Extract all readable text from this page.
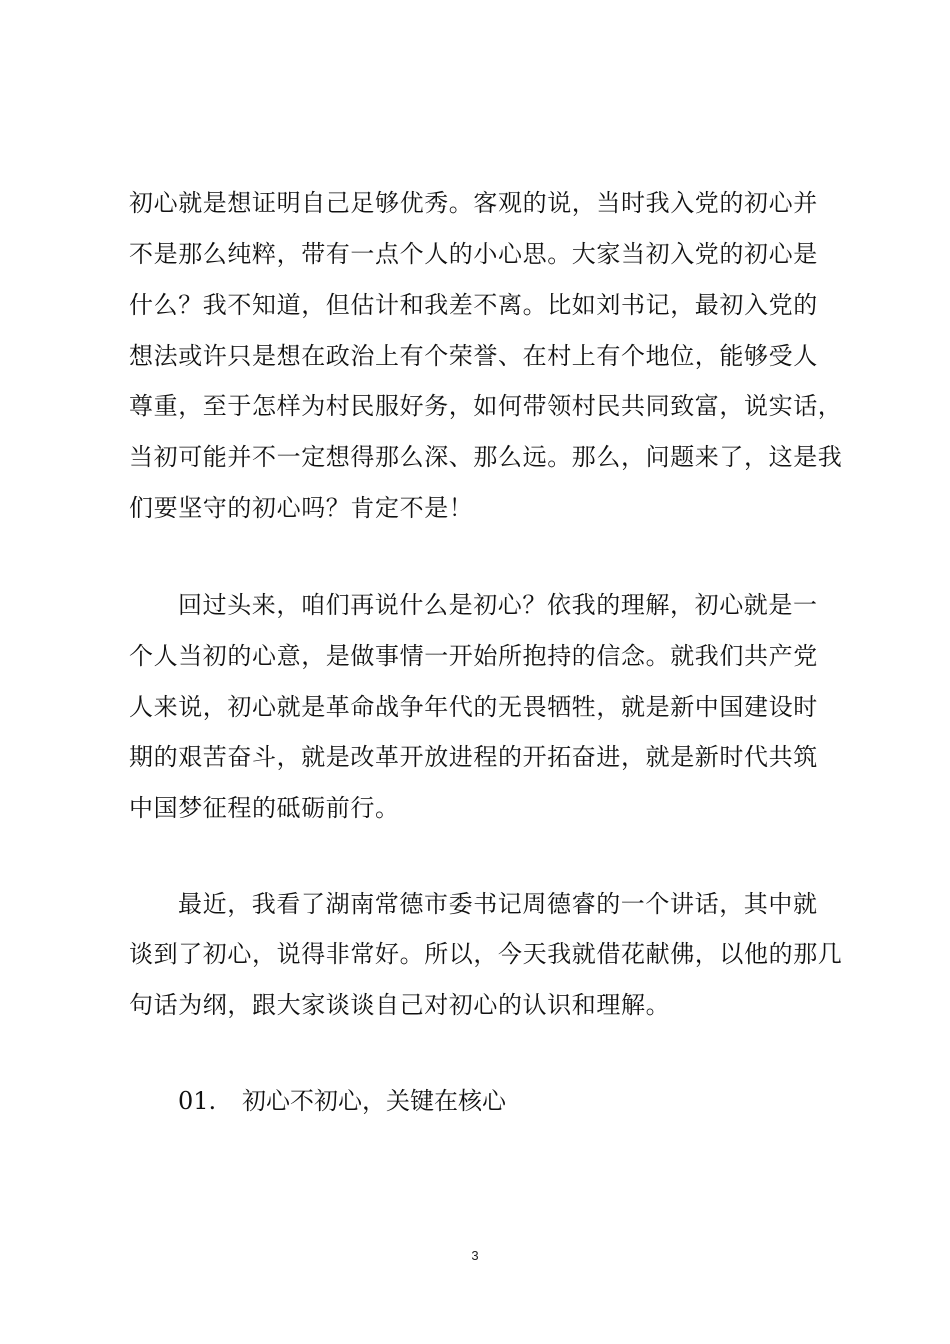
初心就是想证明自己足够优秀。客观的说，当时我入党的初心并
不是那么纯粹，带有一点个人的小心思。大家当初入党的初心是
什么？我不知道，但估计和我差不离。比如刘书记，最初入党的
想法或许只是想在政治上有个荣誉、在村上有个地位，能够受人
尊重，至于怎样为村民服好务，如何带领村民共同致富，说实话，
当初可能并不一定想得那么深、那么远。那么，问题来了，这是我
们要坚守的初心吗？肯定不是！
回过头来，咱们再说什么是初心？依我的理解，初心就是一
个人当初的心意，是做事情一开始所抱持的信念。就我们共产党
人来说，初心就是革命战争年代的无畏牺牲，就是新中国建设时
期的艰苦奋斗，就是改革开放进程的开拓奋进，就是新时代共筑
中国梦征程的砥砺前行。
最近，我看了湖南常德市委书记周德睿的一个讲话，其中就
谈到了初心，说得非常好。所以，今天我就借花献佛，以他的那几
句话为纲，跟大家谈谈自己对初心的认识和理解。
01. 初心不初心，关键在核心
3
